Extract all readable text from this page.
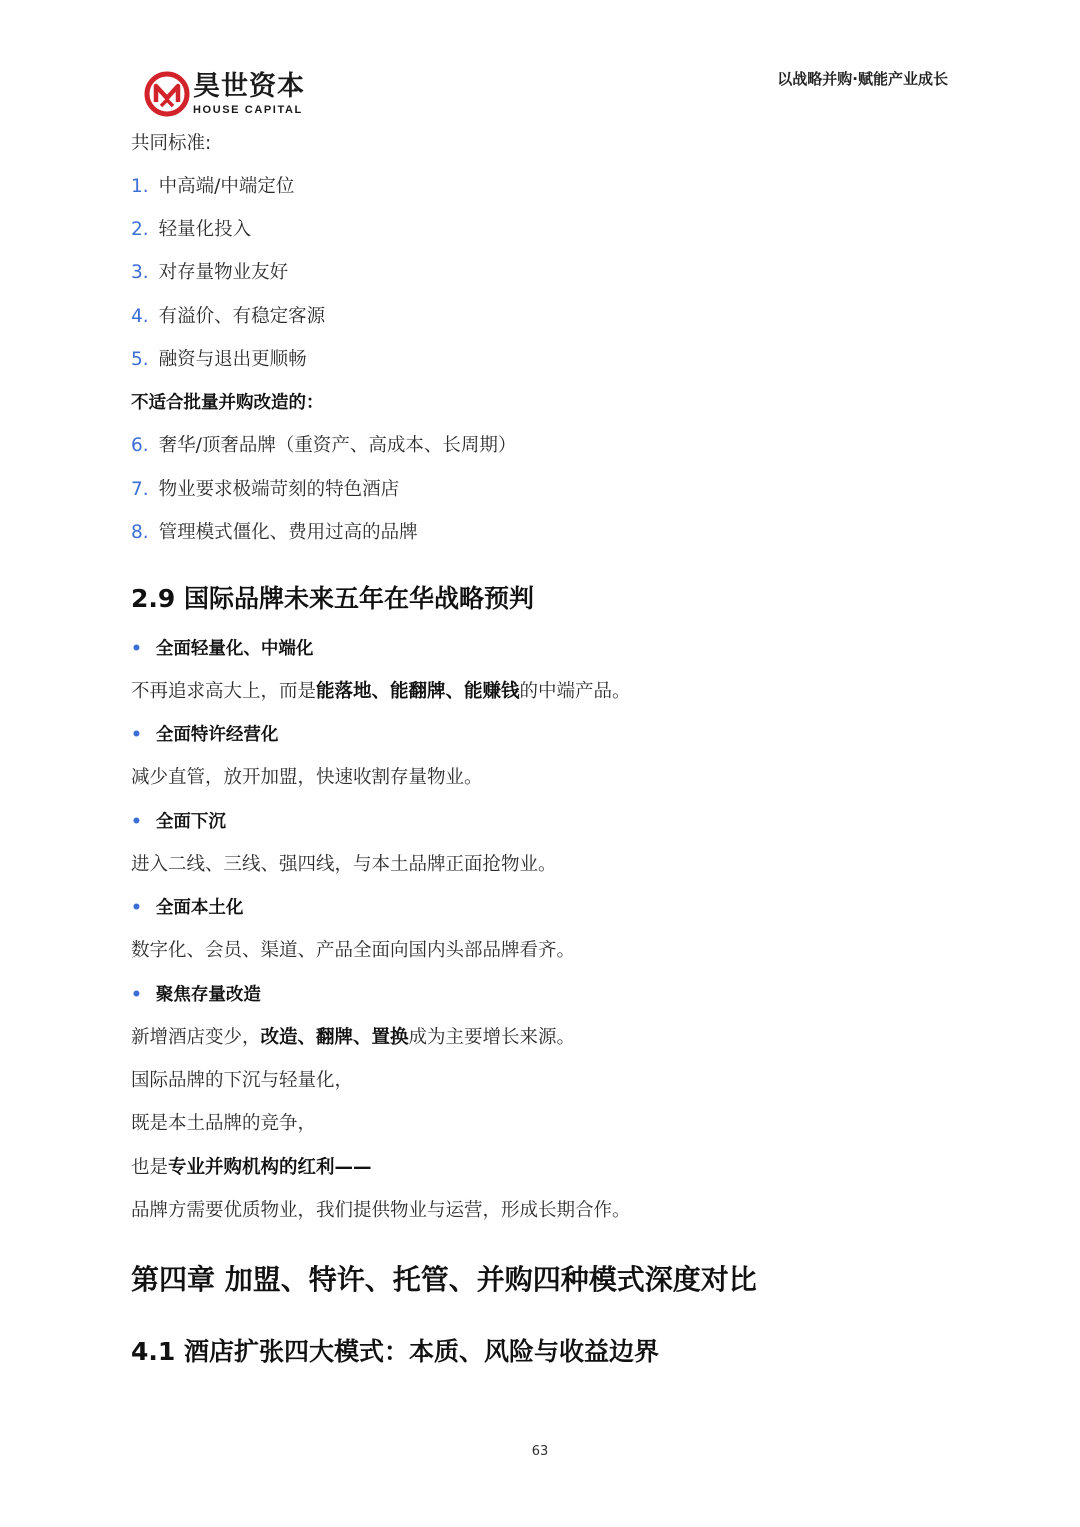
昊世资本
HOUSE CAPITAL
以战略并购·赋能产业成长
共同标准:
1. 中高端/中端定位
2. 轻量化投入
3. 对存量物业友好
4. 有溢价、有稳定客源
5. 融资与退出更顺畅
不适合批量并购改造的：
6. 奢华/顶奢品牌（重资产、高成本、长周期）
7. 物业要求极端苛刻的特色酒店
8. 管理模式僵化、费用过高的品牌
2.9 国际品牌未来五年在华战略预判
• 全面轻量化、中端化
不再追求高大上，而是能落地、能翻牌、能赚钱的中端产品。
• 全面特许经营化
减少直管，放开加盟，快速收割存量物业。
• 全面下沉
进入二线、三线、强四线，与本土品牌正面抢物业。
• 全面本土化
数字化、会员、渠道、产品全面向国内头部品牌看齐。
• 聚焦存量改造
新增酒店变少，改造、翻牌、置换成为主要增长来源。
国际品牌的下沉与轻量化，
既是本土品牌的竞争，
也是专业并购机构的红利——
品牌方需要优质物业，我们提供物业与运营，形成长期合作。
第四章 加盟、特许、托管、并购四种模式深度对比
4.1 酒店扩张四大模式：本质、风险与收益边界
63
